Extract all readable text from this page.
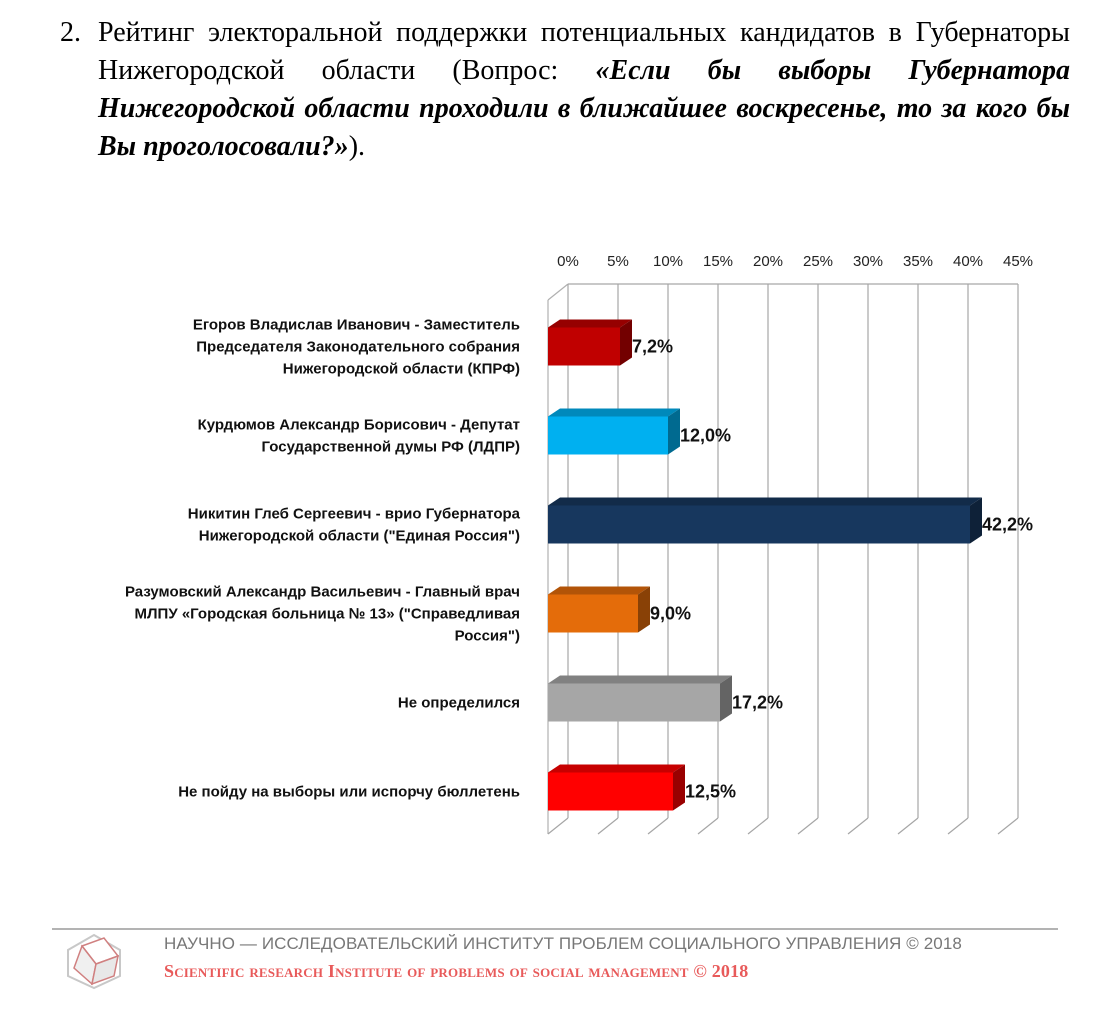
2. Рейтинг электоральной поддержки потенциальных кандидатов в Губернаторы Нижегородской области (Вопрос: «Если бы выборы Губернатора Нижегородской области проходили в ближайшее воскресенье, то за кого бы Вы проголосовали?»).
0% 5% 10% 15% 20% 25% 30% 35% 40% 45%
7,2%
Егоров Владислав Иванович - Заместитель Председателя Законодательного собрания Нижегородской области (КПРФ)
12,0%
Курдюмов Александр Борисович - Депутат Государственной думы РФ (ЛДПР)
42,2%
Никитин Глеб Сергеевич - врио Губернатора Нижегородской области ("Единая Россия")
9,0%
Разумовский Александр Васильевич - Главный врач МЛПУ «Городская больница № 13» ("Справедливая Россия")
17,2%
Не определился
12,5%
Не пойду на выборы или испорчу бюллетень
НАУЧНО — ИССЛЕДОВАТЕЛЬСКИЙ ИНСТИТУТ ПРОБЛЕМ СОЦИАЛЬНОГО УПРАВЛЕНИЯ © 2018
Scientific research Institute of problems of social management © 2018
